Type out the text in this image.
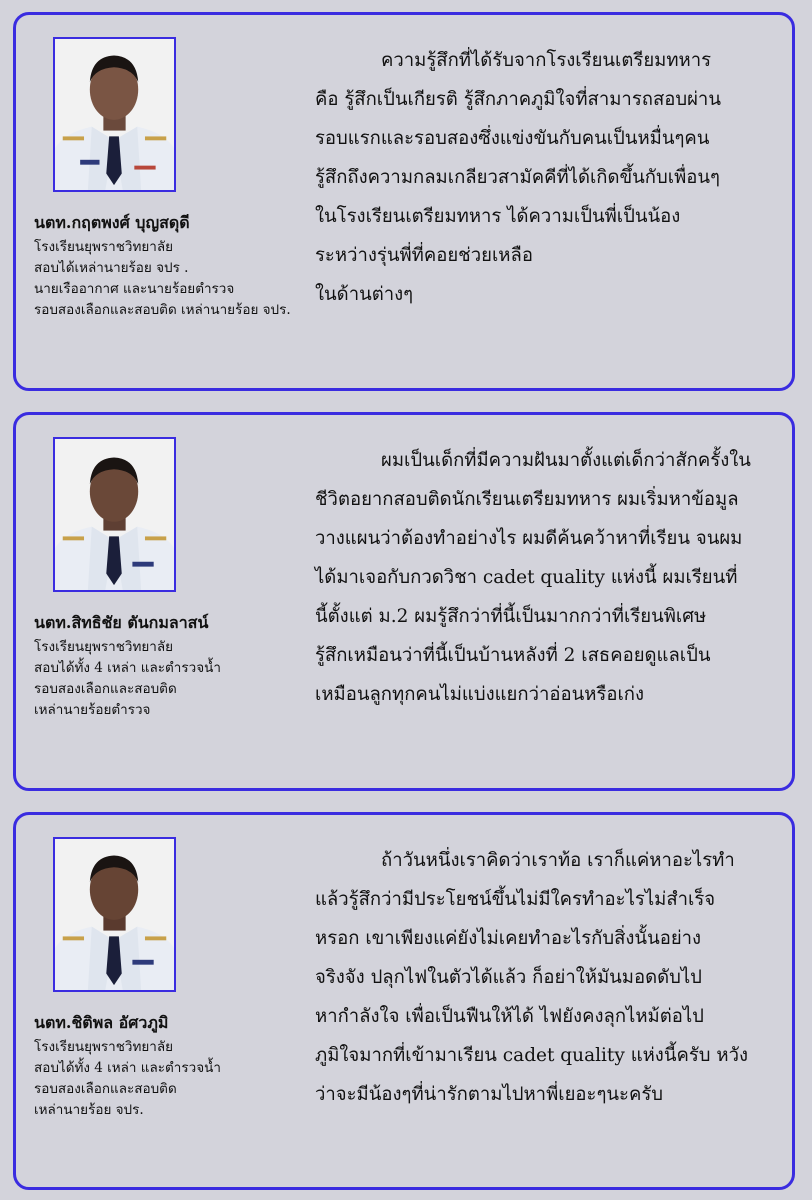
นตท.กฤตพงศ์ บุญสดุดี
โรงเรียนยุพราชวิทยาลัย
สอบได้เหล่านายร้อย จปร .
นายเรืออากาศ และนายร้อยตำรวจ
รอบสองเลือกและสอบติด เหล่านายร้อย จปร.
ความรู้สึกที่ได้รับจากโรงเรียนเตรียมทหาร
คือ รู้สึกเป็นเกียรติ รู้สึกภาคภูมิใจที่สามารถสอบผ่าน
รอบแรกและรอบสองซึ่งแข่งขันกับคนเป็นหมื่นๆคน
รู้สึกถึงความกลมเกลียวสามัคคีที่ได้เกิดขึ้นกับเพื่อนๆ
ในโรงเรียนเตรียมทหาร ได้ความเป็นพี่เป็นน้อง
ระหว่างรุ่นพี่ที่คอยช่วยเหลือ
ในด้านต่างๆ
นตท.สิทธิชัย ตันกมลาสน์
โรงเรียนยุพราชวิทยาลัย
สอบได้ทั้ง 4 เหล่า และตำรวจน้ำ
รอบสองเลือกและสอบติด
เหล่านายร้อยตำรวจ
ผมเป็นเด็กที่มีความฝันมาตั้งแต่เด็กว่าสักครั้งใน
ชีวิตอยากสอบติดนักเรียนเตรียมทหาร ผมเริ่มหาข้อมูล
วางแผนว่าต้องทำอย่างไร ผมดีค้นคว้าหาที่เรียน จนผม
ได้มาเจอกับกวดวิชา cadet quality แห่งนี้ ผมเรียนที่
นี้ตั้งแต่ ม.2 ผมรู้สึกว่าที่นี้เป็นมากกว่าที่เรียนพิเศษ
รู้สึกเหมือนว่าที่นี้เป็นบ้านหลังที่ 2 เสธคอยดูแลเป็น
เหมือนลูกทุกคนไม่แบ่งแยกว่าอ่อนหรือเก่ง
นตท.ชิติพล อัศวภูมิ
โรงเรียนยุพราชวิทยาลัย
สอบได้ทั้ง 4 เหล่า และตำรวจน้ำ
รอบสองเลือกและสอบติด
เหล่านายร้อย จปร.
ถ้าวันหนึ่งเราคิดว่าเราท้อ เราก็แค่หาอะไรทำ
แล้วรู้สึกว่ามีประโยชน์ขึ้นไม่มีใครทำอะไรไม่สำเร็จ
หรอก เขาเพียงแค่ยังไม่เคยทำอะไรกับสิ่งนั้นอย่าง
จริงจัง ปลุกไฟในตัวได้แล้ว ก็อย่าให้มันมอดดับไป
หากำลังใจ เพื่อเป็นฟืนให้ได้ ไฟยังคงลุกไหม้ต่อไป
ภูมิใจมากที่เข้ามาเรียน cadet quality แห่งนี้ครับ หวัง
ว่าจะมีน้องๆที่น่ารักตามไปหาพี่เยอะๆนะครับ
